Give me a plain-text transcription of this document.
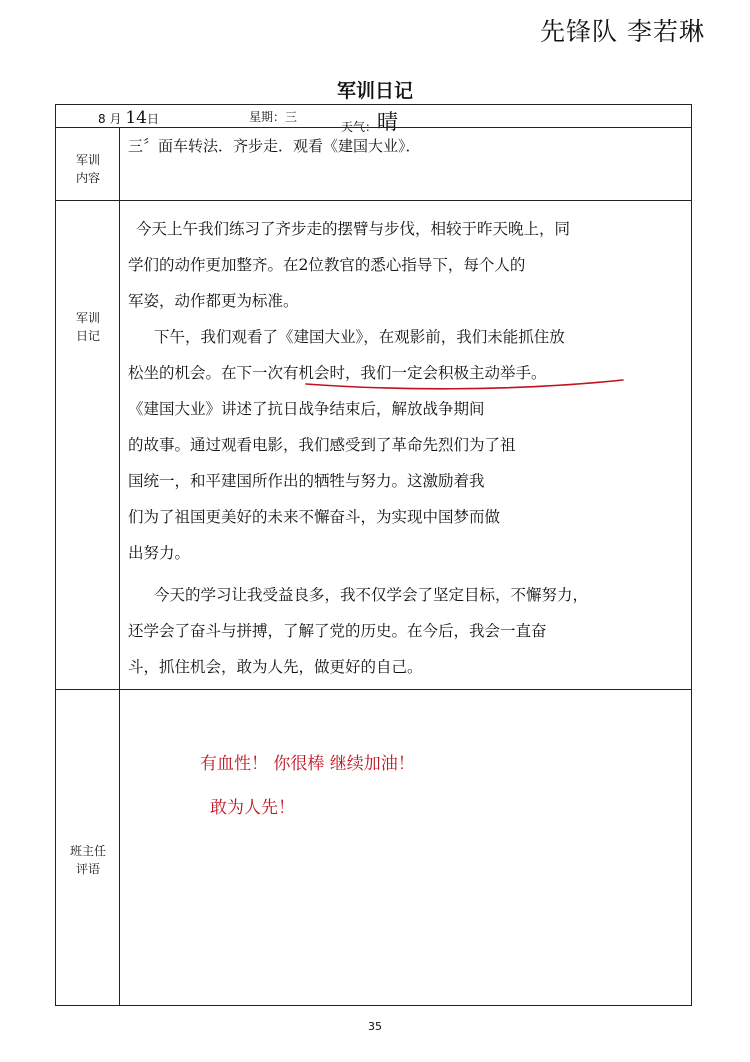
先锋队 李若琳
军训日记
8 月 14日	星期：三
天气：晴
军训
内容
三〞面车转法．齐步走．观看《建国大业》．
军训
日记
今天上午我们练习了齐步走的摆臂与步伐，相较于昨天晚上，同
学们的动作更加整齐。在2位教官的悉心指导下，每个人的
军姿，动作都更为标准。
下午，我们观看了《建国大业》，在观影前，我们未能抓住放
松坐的机会。在下一次有机会时，我们一定会积极主动举手。
《建国大业》讲述了抗日战争结束后，解放战争期间
的故事。通过观看电影，我们感受到了革命先烈们为了祖
国统一，和平建国所作出的牺牲与努力。这激励着我
们为了祖国更美好的未来不懈奋斗，为实现中国梦而做
出努力。
今天的学习让我受益良多，我不仅学会了坚定目标，不懈努力，
还学会了奋斗与拼搏，了解了党的历史。在今后，我会一直奋
斗，抓住机会，敢为人先，做更好的自己。
班主任
评语
有血性！ 你很棒 继续加油！
敢为人先！
35
